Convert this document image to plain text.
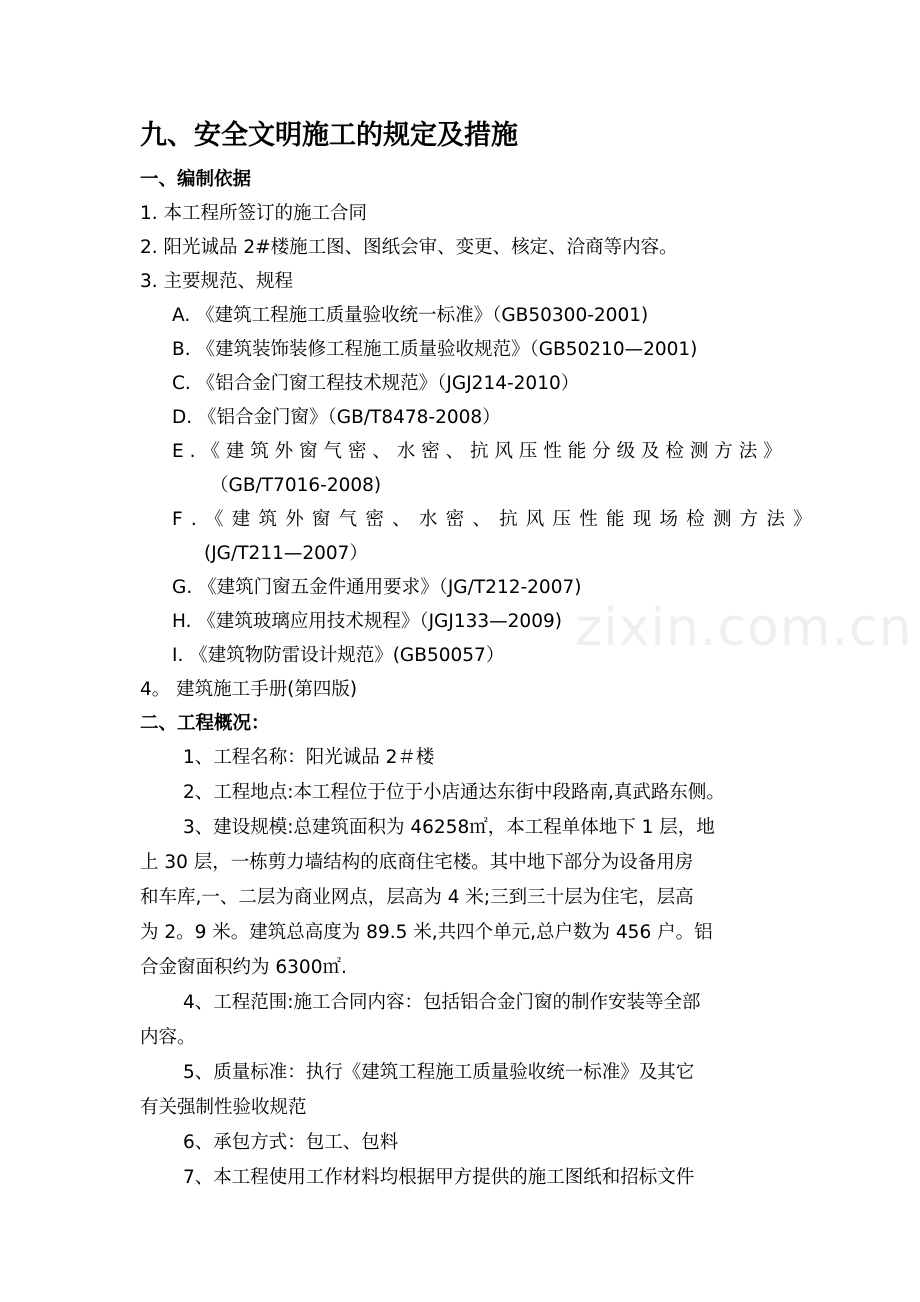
九、安全文明施工的规定及措施
一、编制依据
1. 本工程所签订的施工合同
2. 阳光诚品 2#楼施工图、图纸会审、变更、核定、洽商等内容。
3. 主要规范、规程
A. 《建筑工程施工质量验收统一标准》（GB50300-2001)
B. 《建筑装饰装修工程施工质量验收规范》（GB50210—2001)
C. 《铝合金门窗工程技术规范》（JGJ214-2010）
D. 《铝合金门窗》（GB/T8478-2008）
E . 《 建 筑 外 窗 气 密 、 水 密 、 抗 风 压 性 能 分 级 及 检 测 方 法 》
（GB/T7016-2008)
F . 《 建 筑 外 窗 气 密 、 水 密 、 抗 风 压 性 能 现 场 检 测 方 法 》
(JG/T211—2007）
G. 《建筑门窗五金件通用要求》（JG/T212-2007)
H. 《建筑玻璃应用技术规程》（JGJ133—2009)
I. 《建筑物防雷设计规范》(GB50057）
4。 建筑施工手册(第四版)
二、工程概况：
1、工程名称：阳光诚品 2＃楼
2、工程地点:本工程位于位于小店通达东街中段路南,真武路东侧。
3、建设规模:总建筑面积为 46258㎡，本工程单体地下 1 层，地
上 30 层，一栋剪力墙结构的底商住宅楼。其中地下部分为设备用房
和车库,一、二层为商业网点，层高为 4 米;三到三十层为住宅，层高
为 2。9 米。建筑总高度为 89.5 米,共四个单元,总户数为 456 户。铝
合金窗面积约为 6300㎡.
4、工程范围:施工合同内容：包括铝合金门窗的制作安装等全部
内容。
5、质量标准：执行《建筑工程施工质量验收统一标准》及其它
有关强制性验收规范
6、承包方式：包工、包料
7、本工程使用工作材料均根据甲方提供的施工图纸和招标文件
zixin.com.cn
